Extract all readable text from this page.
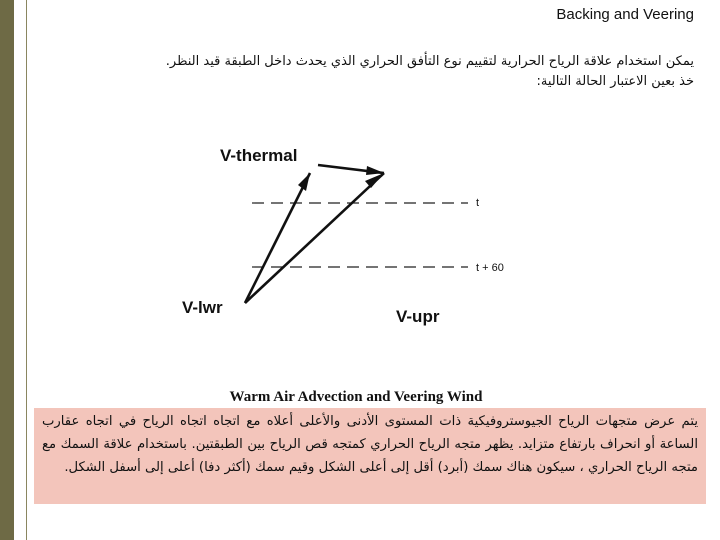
Backing and Veering

يمكن استخدام علاقة الرياح الحرارية لتقييم نوع التأفق الحراري الذي يحدث داخل الطبقة قيد النظر.

خذ بعين الاعتبار الحالة التالية:

V-thermal
V-lwr	V-upr
t
t + 60
Warm Air Advection and Veering Wind
يتم عرض متجهات الرياح الجيوستروفيكية ذات المستوى الأدنى والأعلى أعلاه مع اتجاه اتجاه الرياح في اتجاه عقارب الساعة أو انحراف بارتفاع متزايد. يظهر متجه الرياح الحراري كمتجه قص الرياح بين الطبقتين. باستخدام علاقة السمك مع متجه الرياح الحراري ، سيكون هناك سمك (أبرد) أقل إلى أعلى الشكل وقيم سمك (أكثر دفا) أعلى إلى أسفل الشكل.
